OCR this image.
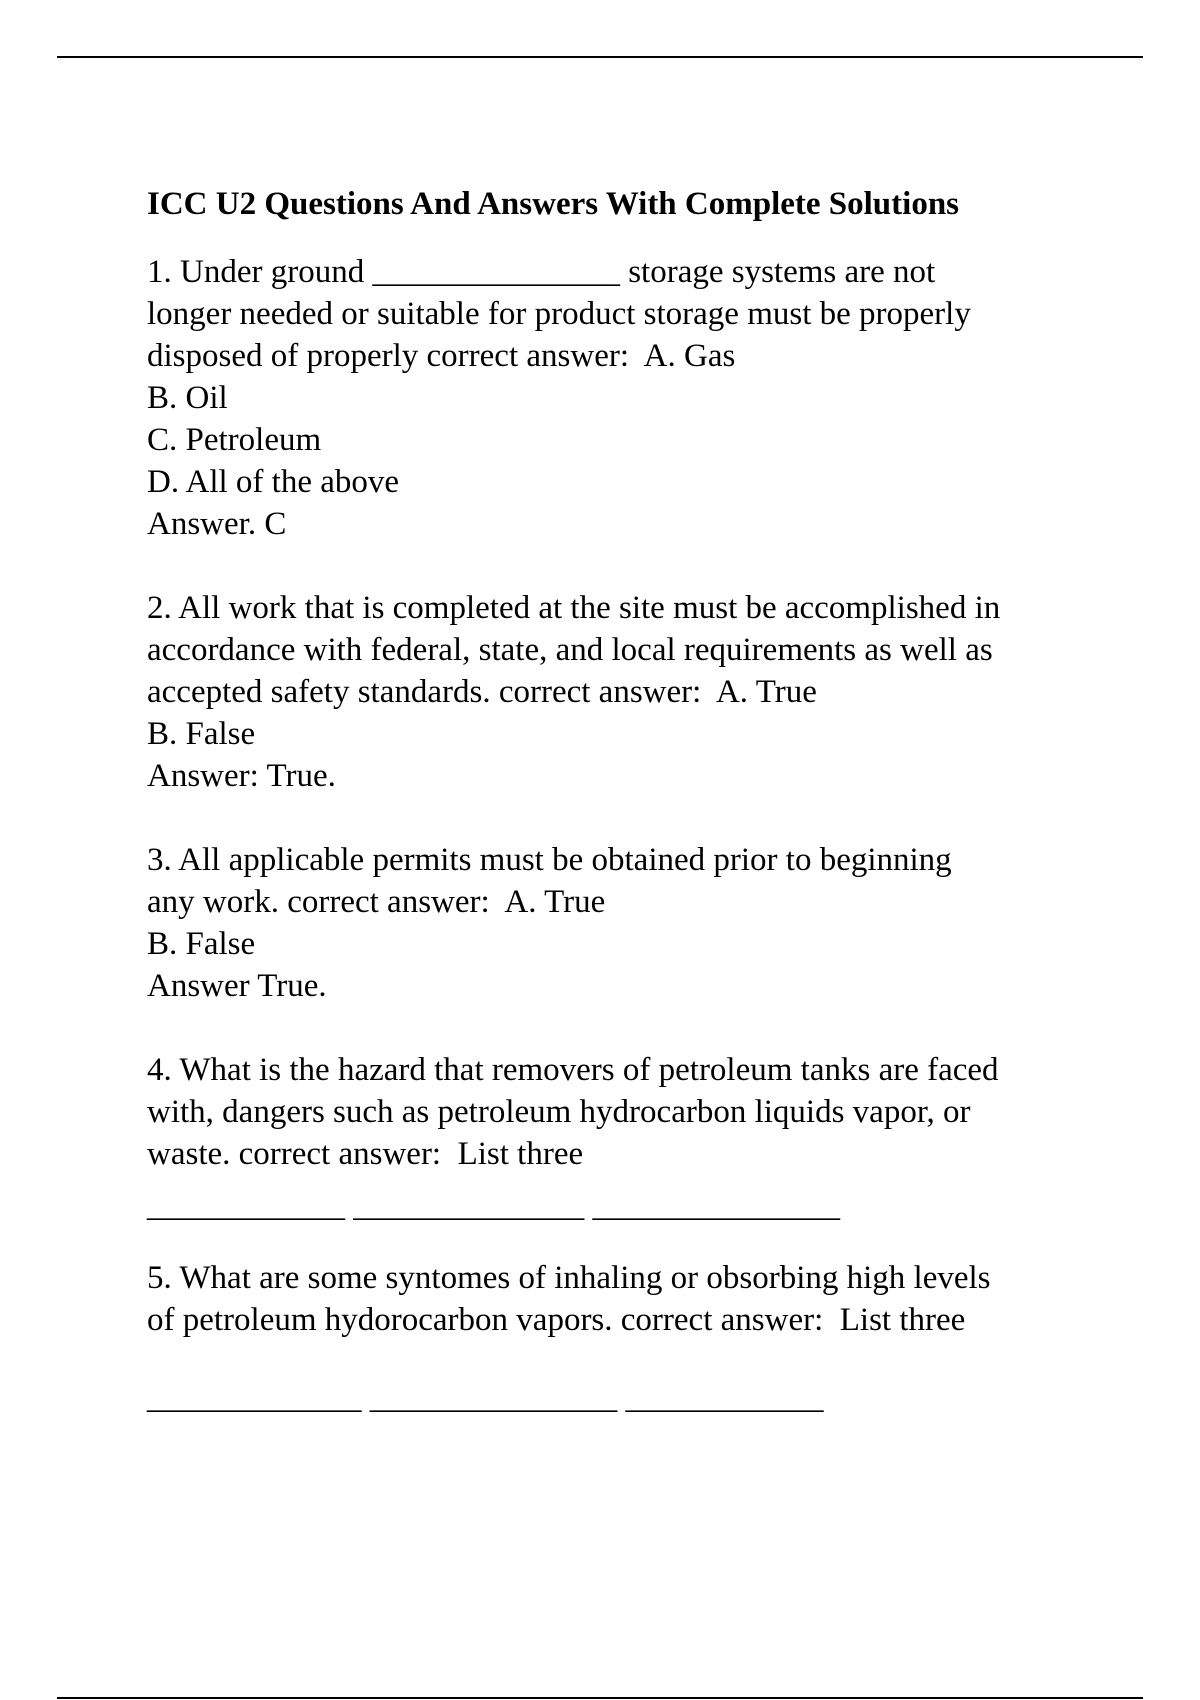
ICC U2 Questions And Answers With Complete Solutions
1. Under ground _______________ storage systems are not
longer needed or suitable for product storage must be properly
disposed of properly correct answer:  A. Gas
B. Oil
C. Petroleum
D. All of the above
Answer. C
2. All work that is completed at the site must be accomplished in
accordance with federal, state, and local requirements as well as
accepted safety standards. correct answer:  A. True
B. False
Answer: True.
3. All applicable permits must be obtained prior to beginning
any work. correct answer:  A. True
B. False
Answer True.
4. What is the hazard that removers of petroleum tanks are faced
with, dangers such as petroleum hydrocarbon liquids vapor, or
waste. correct answer:  List three
____________ ______________ _______________
5. What are some syntomes of inhaling or obsorbing high levels
of petroleum hydorocarbon vapors. correct answer:  List three
_____________ _______________ ____________
